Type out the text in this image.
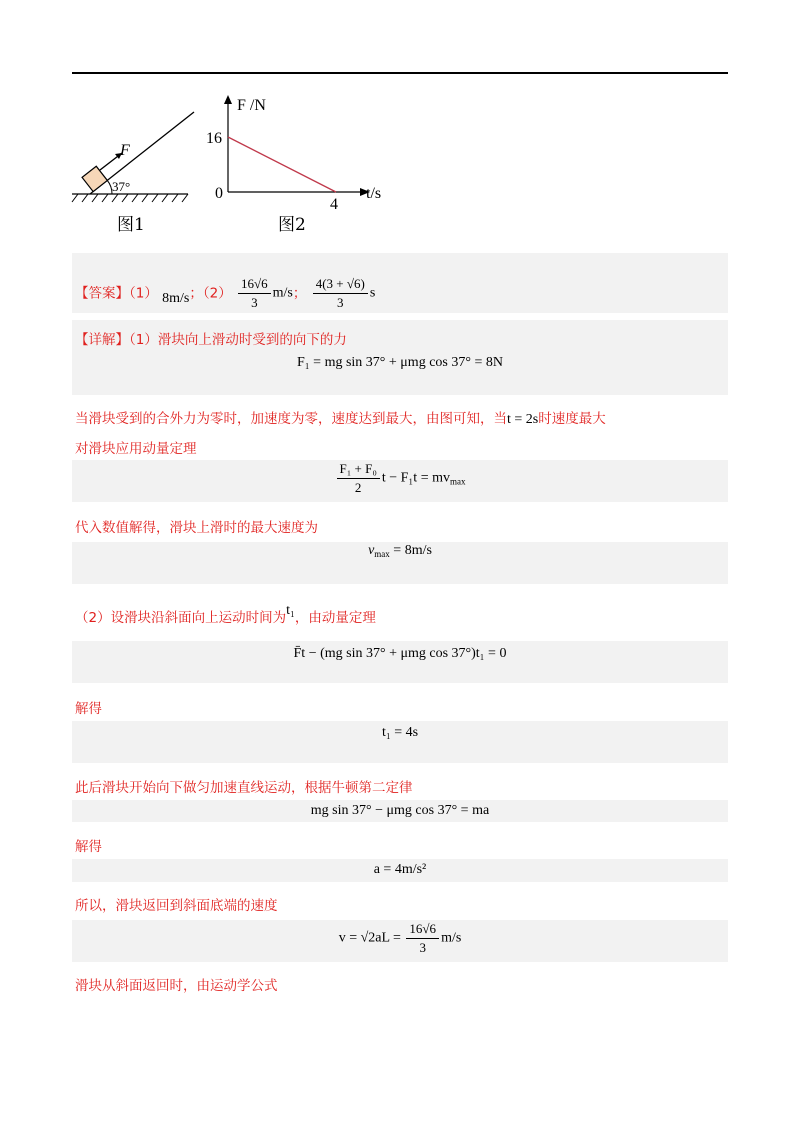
F
37°
F /N
t/s
16
4
0
图1	图2
【答案】（1） 8m/s；$(2) \frac{16√6}{3} m/s$； $\frac{4(3 + √6)}{3}$ s
【详解】（1）滑块向上滑动时受到的向下的力
F₁ = mg sin 37° + μmg cos 37° = 8N
当滑块受到的合外力为零时，加速度为零，速度达到最大，由图可知，当t = 2s时速度最大
对滑块应用动量定理
$\frac{\text{F₁ + F₀}}{2}$ $t - F_1t = mv_{max}$
代入数值解得，滑块上滑时的最大速度为
$v_{max} = 8m/s$
（2）设滑块沿斜面向上运动时间为t₁，由动量定理
F̄t − (mg sin 37° + μmg cos 37°)t₁ = 0
解得
t₁ = 4s
此后滑块开始向下做匀加速直线运动，根据牛顿第二定律
mg sin 37° − μmg cos 37° = ma
解得
a = 4m/s²
所以，滑块返回到斜面底端的速度
$v = √2aL = \frac{16√6}{3} m/s$
滑块从斜面返回时，由运动学公式
